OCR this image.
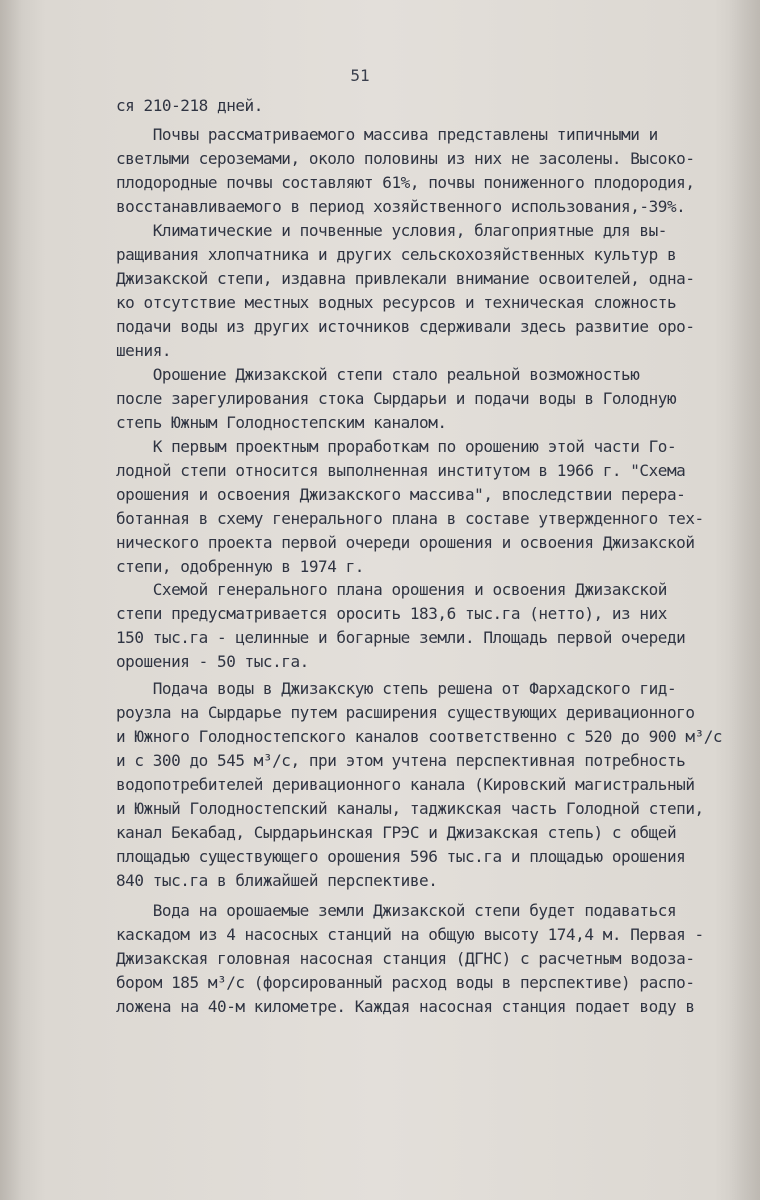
51
ся 210-218 дней.
Почвы рассматриваемого массива представлены типичными и
светлыми сероземами, около половины из них не засолены. Высоко-
плодородные почвы составляют 61%, почвы пониженного плодородия,
восстанавливаемого в период хозяйственного использования,-39%.
Климатические и почвенные условия, благоприятные для вы-
ращивания хлопчатника и других сельскохозяйственных культур в
Джизакской степи, издавна привлекали внимание освоителей, одна-
ко отсутствие местных водных ресурсов и техническая сложность
подачи воды из других источников сдерживали здесь развитие оро-
шения.
Орошение Джизакской степи стало реальной возможностью
после зарегулирования стока Сырдарьи и подачи воды в Голодную
степь Южным Голодностепским каналом.
К первым проектным проработкам по орошению этой части Го-
лодной степи относится выполненная институтом в 1966 г. "Схема
орошения и освоения Джизакского массива", впоследствии перера-
ботанная в схему генерального плана в составе утвержденного тех-
нического проекта первой очереди орошения и освоения Джизакской
степи, одобренную в 1974 г.
Схемой генерального плана орошения и освоения Джизакской
степи предусматривается оросить 183,6 тыс.га (нетто), из них
150 тыс.га - целинные и богарные земли. Площадь первой очереди
орошения - 50 тыс.га.
Подача воды в Джизакскую степь решена от Фархадского гид-
роузла на Сырдарье путем расширения существующих деривационного
и Южного Голодностепского каналов соответственно с 520 до 900 м³/с
и с 300 до 545 м³/с, при этом учтена перспективная потребность
водопотребителей деривационного канала (Кировский магистральный
и Южный Голодностепский каналы, таджикская часть Голодной степи,
канал Бекабад, Сырдарьинская ГРЭС и Джизакская степь) с общей
площадью существующего орошения 596 тыс.га и площадью орошения
840 тыс.га в ближайшей перспективе.
Вода на орошаемые земли Джизакской степи будет подаваться
каскадом из 4 насосных станций на общую высоту 174,4 м. Первая -
Джизакская головная насосная станция (ДГНС) с расчетным водоза-
бором 185 м³/с (форсированный расход воды в перспективе) распо-
ложена на 40-м километре. Каждая насосная станция подает воду в
